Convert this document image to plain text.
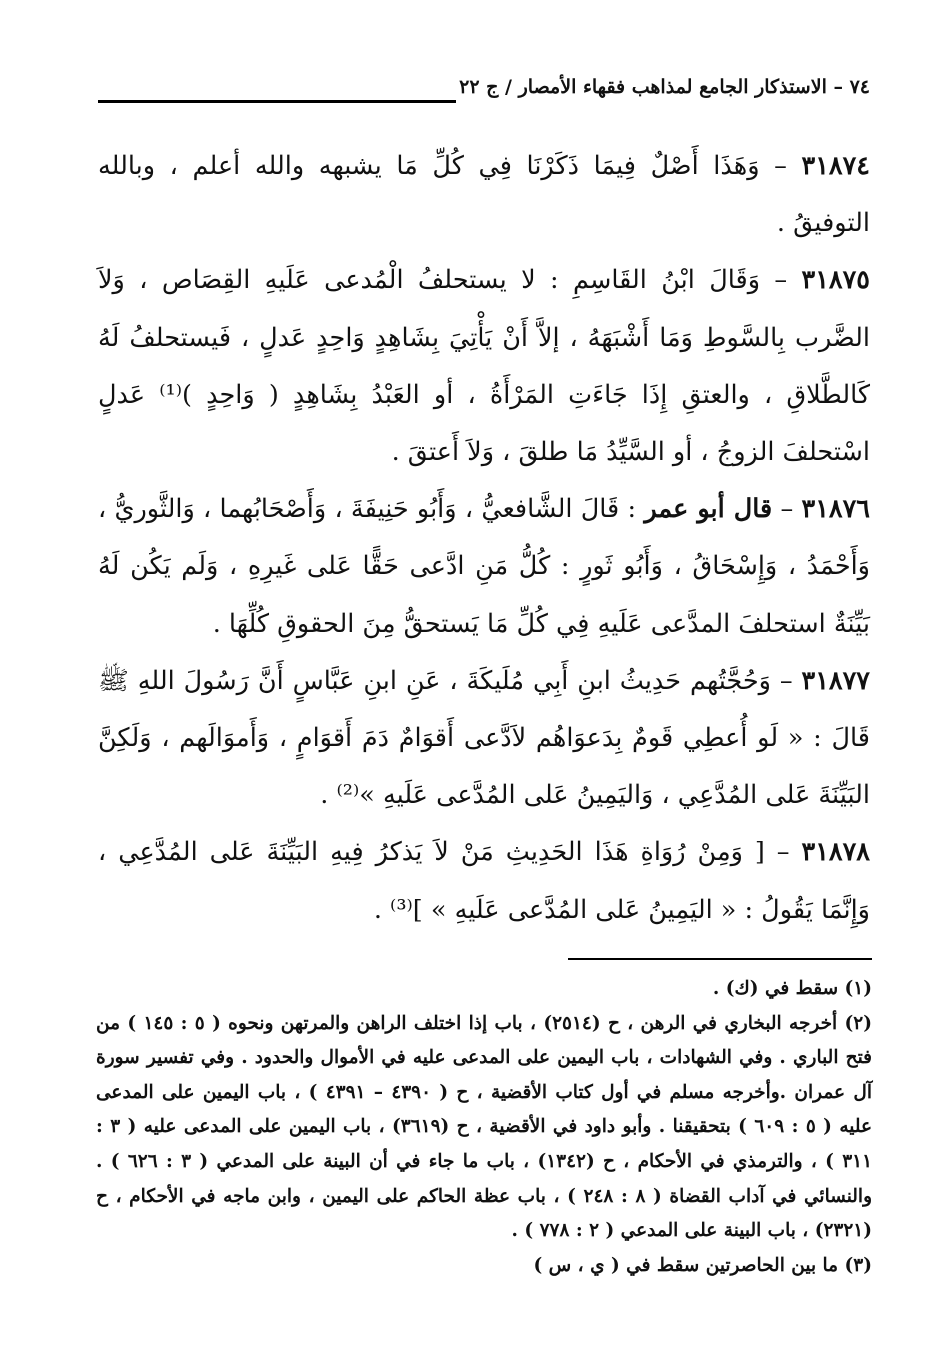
٧٤ – الاستذكار الجامع لمذاهب فقهاء الأمصار / ج ٢٢

٣١٨٧٤ – وَهَذَا أَصْلٌ فِيمَا ذَكَرْنَا فِي كُلِّ مَا يشبهه والله أعلم ، وبالله التوفيقُ .

٣١٨٧٥ – وَقَالَ ابْنُ القَاسِمِ : لا يستحلفُ الْمُدعى عَلَيهِ القِصَاص ، وَلاَ الضَّرب بِالسَّوطِ وَمَا أَشْبَهَهُ ، إلاَّ أَنْ يَأْتِيَ بِشَاهِدٍ وَاحِدٍ عَدلٍ ، فَيستحلفُ لَهُ كَالطَّلاقِ ، والعتقِ إِذَا جَاءَتِ المَرْأَةُ ، أو العَبْدُ بِشَاهِدٍ ( وَاحِدٍ )⁽¹⁾ عَدلٍ اسْتحلفَ الزوجُ ، أو السَّيِّدُ مَا طلقَ ، وَلاَ أَعتقَ .

٣١٨٧٦ – قال أبو عمر : قَالَ الشَّافعيُّ ، وَأَبُو حَنِيفَةَ ، وَأَصْحَابُهما ، وَالثَّوريُّ ، وَأَحْمَدُ ، وَإِسْحَاقُ ، وَأَبُو ثَورٍ : كُلُّ مَنِ ادَّعى حَقًّا عَلى غَيرِهِ ، وَلَم يَكُن لَهُ بَيِّنَةٌ استحلفَ المدَّعى عَلَيهِ فِي كُلِّ مَا يَستحقُّ مِنَ الحقوقِ كُلِّهَا .

٣١٨٧٧ – وَحُجَّتُهم حَدِيثُ ابنِ أَبِي مُلَيكَةَ ، عَنِ ابنِ عَبَّاسٍ أَنَّ رَسُولَ اللهِ ﷺ قَالَ : « لَو أُعطِي قَومٌ بِدَعوَاهُم لاَدَّعى أَقوَامٌ دَمَ أَقوَامٍ ، وَأَموَالَهم ، وَلَكِنَّ البَيِّنَةَ عَلى المُدَّعِي ، وَاليَمِينُ عَلى المُدَّعى عَلَيهِ »⁽²⁾ .

٣١٨٧٨ – [ وَمِنْ رُوَاةِ هَذَا الحَدِيثِ مَنْ لاَ يَذكرُ فِيهِ البَيِّنَةَ عَلى المُدَّعِي ، وَإِنَّمَا يَقُولُ : « اليَمِينُ عَلى المُدَّعى عَلَيهِ » ]⁽³⁾ .

(١) سقط في (ك) .

(٢) أخرجه البخاري في الرهن ، ح (٢٥١٤) ، باب إذا اختلف الراهن والمرتهن ونحوه ( ٥ : ١٤٥ ) من فتح الباري . وفي الشهادات ، باب اليمين على المدعى عليه في الأموال والحدود . وفي تفسير سورة آل عمران .وأخرجه مسلم في أول كتاب الأقضية ، ح ( ٤٣٩٠ – ٤٣٩١ ) ، باب اليمين على المدعى عليه ( ٥ : ٦٠٩ ) بتحقيقنا . وأبو داود في الأقضية ، ح (٣٦١٩) ، باب اليمين على المدعى عليه ( ٣ : ٣١١ ) ، والترمذي في الأحكام ، ح (١٣٤٢) ، باب ما جاء في أن البينة على المدعي ( ٣ : ٦٢٦ ) . والنسائي في آداب القضاة ( ٨ : ٢٤٨ ) ، باب عظة الحاكم على اليمين ، وابن ماجه في الأحكام ، ح (٢٣٢١) ، باب البينة على المدعي ( ٢ : ٧٧٨ ) .

(٣) ما بين الحاصرتين سقط في ( ي ، س )
